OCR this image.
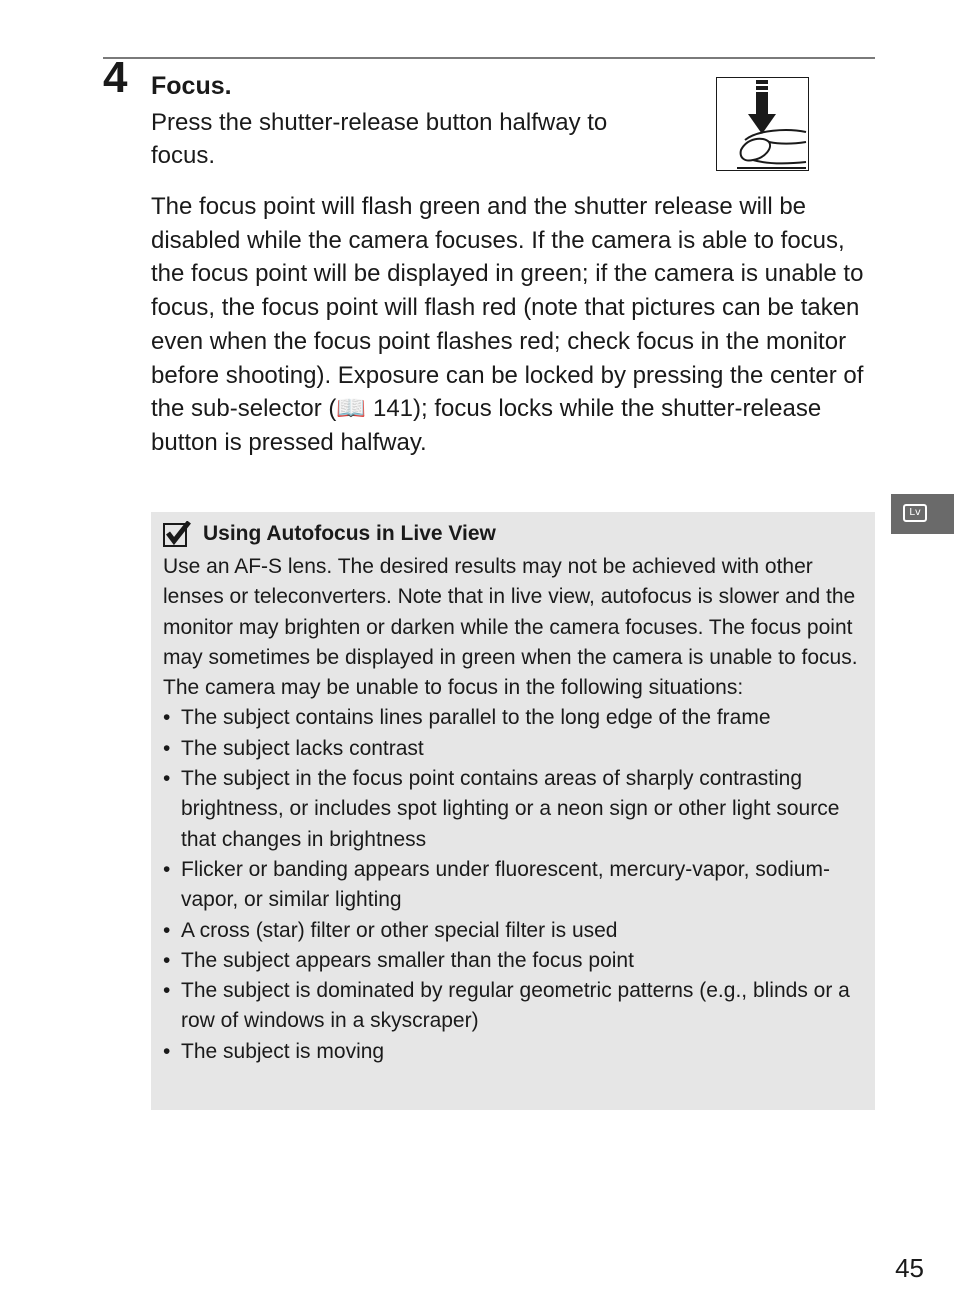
4 Focus.
Press the shutter-release button halfway to focus.
The focus point will flash green and the shutter release will be disabled while the camera focuses. If the camera is able to focus, the focus point will be displayed in green; if the camera is unable to focus, the focus point will flash red (note that pictures can be taken even when the focus point flashes red; check focus in the monitor before shooting). Exposure can be locked by pressing the center of the sub-selector (📖 141); focus locks while the shutter-release button is pressed halfway.
Using Autofocus in Live View
Use an AF-S lens. The desired results may not be achieved with other lenses or teleconverters. Note that in live view, autofocus is slower and the monitor may brighten or darken while the camera focuses. The focus point may sometimes be displayed in green when the camera is unable to focus. The camera may be unable to focus in the following situations:
• The subject contains lines parallel to the long edge of the frame
• The subject lacks contrast
• The subject in the focus point contains areas of sharply contrasting brightness, or includes spot lighting or a neon sign or other light source that changes in brightness
• Flicker or banding appears under fluorescent, mercury-vapor, sodium-vapor, or similar lighting
• A cross (star) filter or other special filter is used
• The subject appears smaller than the focus point
• The subject is dominated by regular geometric patterns (e.g., blinds or a row of windows in a skyscraper)
• The subject is moving
Lv
45
